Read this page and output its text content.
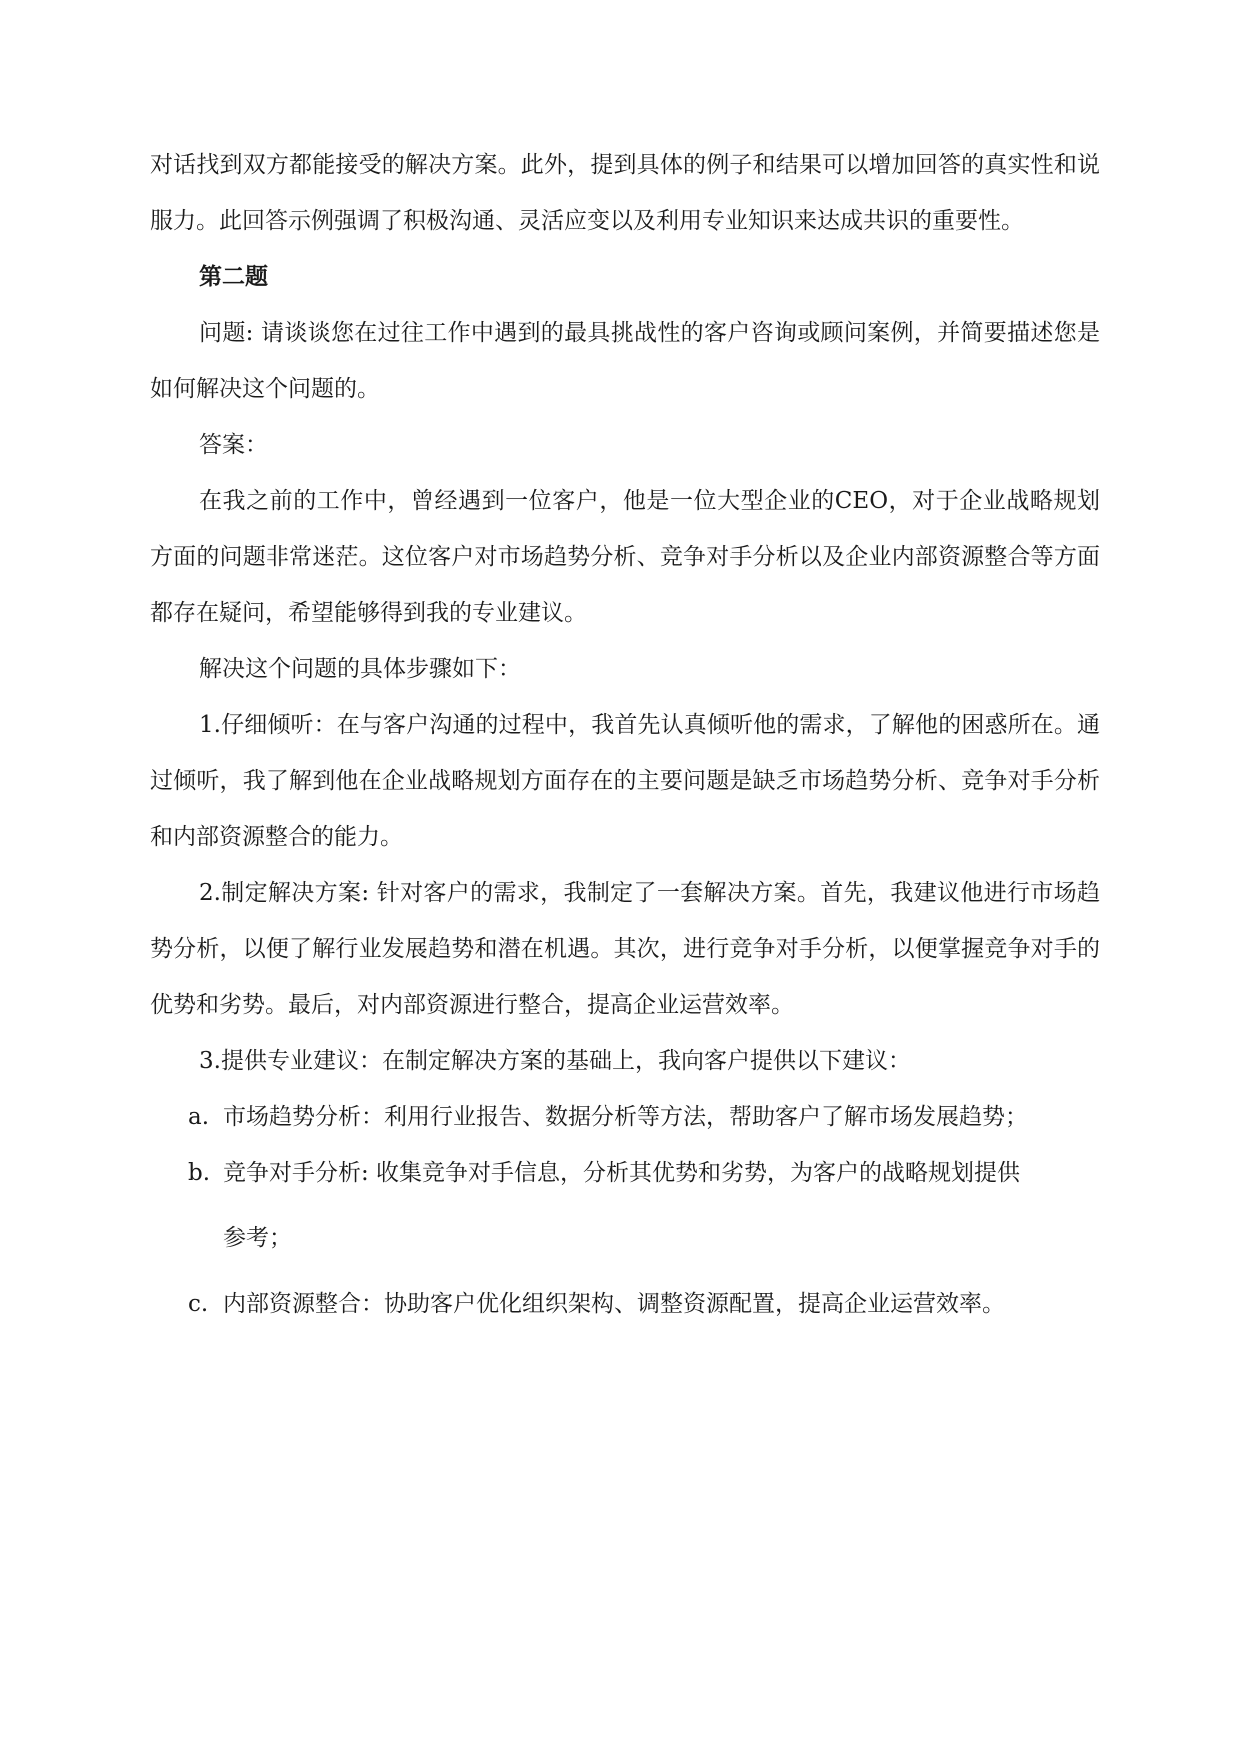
对话找到双方都能接受的解决方案。此外，提到具体的例子和结果可以增加回答的真实性和说服力。此回答示例强调了积极沟通、灵活应变以及利用专业知识来达成共识的重要性。

第二题

问题: 请谈谈您在过往工作中遇到的最具挑战性的客户咨询或顾问案例，并简要描述您是如何解决这个问题的。

答案：

在我之前的工作中，曾经遇到一位客户，他是一位大型企业的CEO，对于企业战略规划方面的问题非常迷茫。这位客户对市场趋势分析、竞争对手分析以及企业内部资源整合等方面都存在疑问，希望能够得到我的专业建议。

解决这个问题的具体步骤如下：

1.仔细倾听：在与客户沟通的过程中，我首先认真倾听他的需求，了解他的困惑所在。通过倾听，我了解到他在企业战略规划方面存在的主要问题是缺乏市场趋势分析、竞争对手分析和内部资源整合的能力。

2.制定解决方案: 针对客户的需求，我制定了一套解决方案。首先，我建议他进行市场趋势分析，以便了解行业发展趋势和潜在机遇。其次，进行竞争对手分析，以便掌握竞争对手的优势和劣势。最后，对内部资源进行整合，提高企业运营效率。

3.提供专业建议：在制定解决方案的基础上，我向客户提供以下建议：

a. 市场趋势分析：利用行业报告、数据分析等方法，帮助客户了解市场发展趋势；
b. 竞争对手分析: 收集竞争对手信息，分析其优势和劣势，为客户的战略规划提供
参考；
c. 内部资源整合：协助客户优化组织架构、调整资源配置，提高企业运营效率。
